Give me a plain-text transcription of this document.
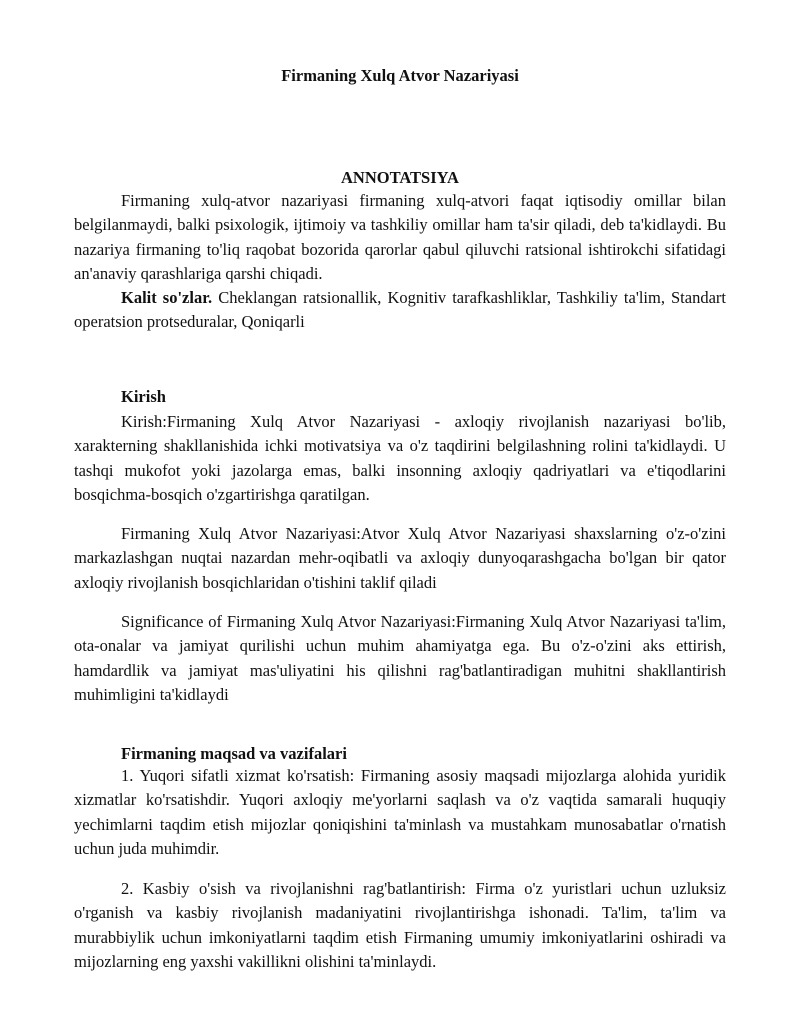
Firmaning Xulq Atvor Nazariyasi
ANNOTATSIYA

Firmaning xulq-atvor nazariyasi firmaning xulq-atvori faqat iqtisodiy omillar bilan belgilanmaydi, balki psixologik, ijtimoiy va tashkiliy omillar ham ta'sir qiladi, deb ta'kidlaydi. Bu nazariya firmaning to'liq raqobat bozorida qarorlar qabul qiluvchi ratsional ishtirokchi sifatidagi an'anaviy qarashlariga qarshi chiqadi.

Kalit so'zlar. Cheklangan ratsionallik, Kognitiv tarafkashliklar, Tashkiliy ta'lim, Standart operatsion protseduralar, Qoniqarli

Kirish

Kirish:Firmaning Xulq Atvor Nazariyasi - axloqiy rivojlanish nazariyasi bo'lib, xarakterning shakllanishida ichki motivatsiya va o'z taqdirini belgilashning rolini ta'kidlaydi. U tashqi mukofot yoki jazolarga emas, balki insonning axloqiy qadriyatlari va e'tiqodlarini bosqichma-bosqich o'zgartirishga qaratilgan.

Firmaning Xulq Atvor Nazariyasi:Atvor Xulq Atvor Nazariyasi shaxslarning o'z-o'zini markazlashgan nuqtai nazardan mehr-oqibatli va axloqiy dunyoqarashgacha bo'lgan bir qator axloqiy rivojlanish bosqichlaridan o'tishini taklif qiladi

Significance of Firmaning Xulq Atvor Nazariyasi:Firmaning Xulq Atvor Nazariyasi ta'lim, ota-onalar va jamiyat qurilishi uchun muhim ahamiyatga ega. Bu o'z-o'zini aks ettirish, hamdardlik va jamiyat mas'uliyatini his qilishni rag'batlantiradigan muhitni shakllantirish muhimligini ta'kidlaydi

Firmaning maqsad va vazifalari

1. Yuqori sifatli xizmat ko'rsatish: Firmaning asosiy maqsadi mijozlarga alohida yuridik xizmatlar ko'rsatishdir. Yuqori axloqiy me'yorlarni saqlash va o'z vaqtida samarali huquqiy yechimlarni taqdim etish mijozlar qoniqishini ta'minlash va mustahkam munosabatlar o'rnatish uchun juda muhimdir.

2. Kasbiy o'sish va rivojlanishni rag'batlantirish: Firma o'z yuristlari uchun uzluksiz o'rganish va kasbiy rivojlanish madaniyatini rivojlantirishga ishonadi. Ta'lim, ta'lim va murabbiylik uchun imkoniyatlarni taqdim etish Firmaning umumiy imkoniyatlarini oshiradi va mijozlarning eng yaxshi vakillikni olishini ta'minlaydi.
